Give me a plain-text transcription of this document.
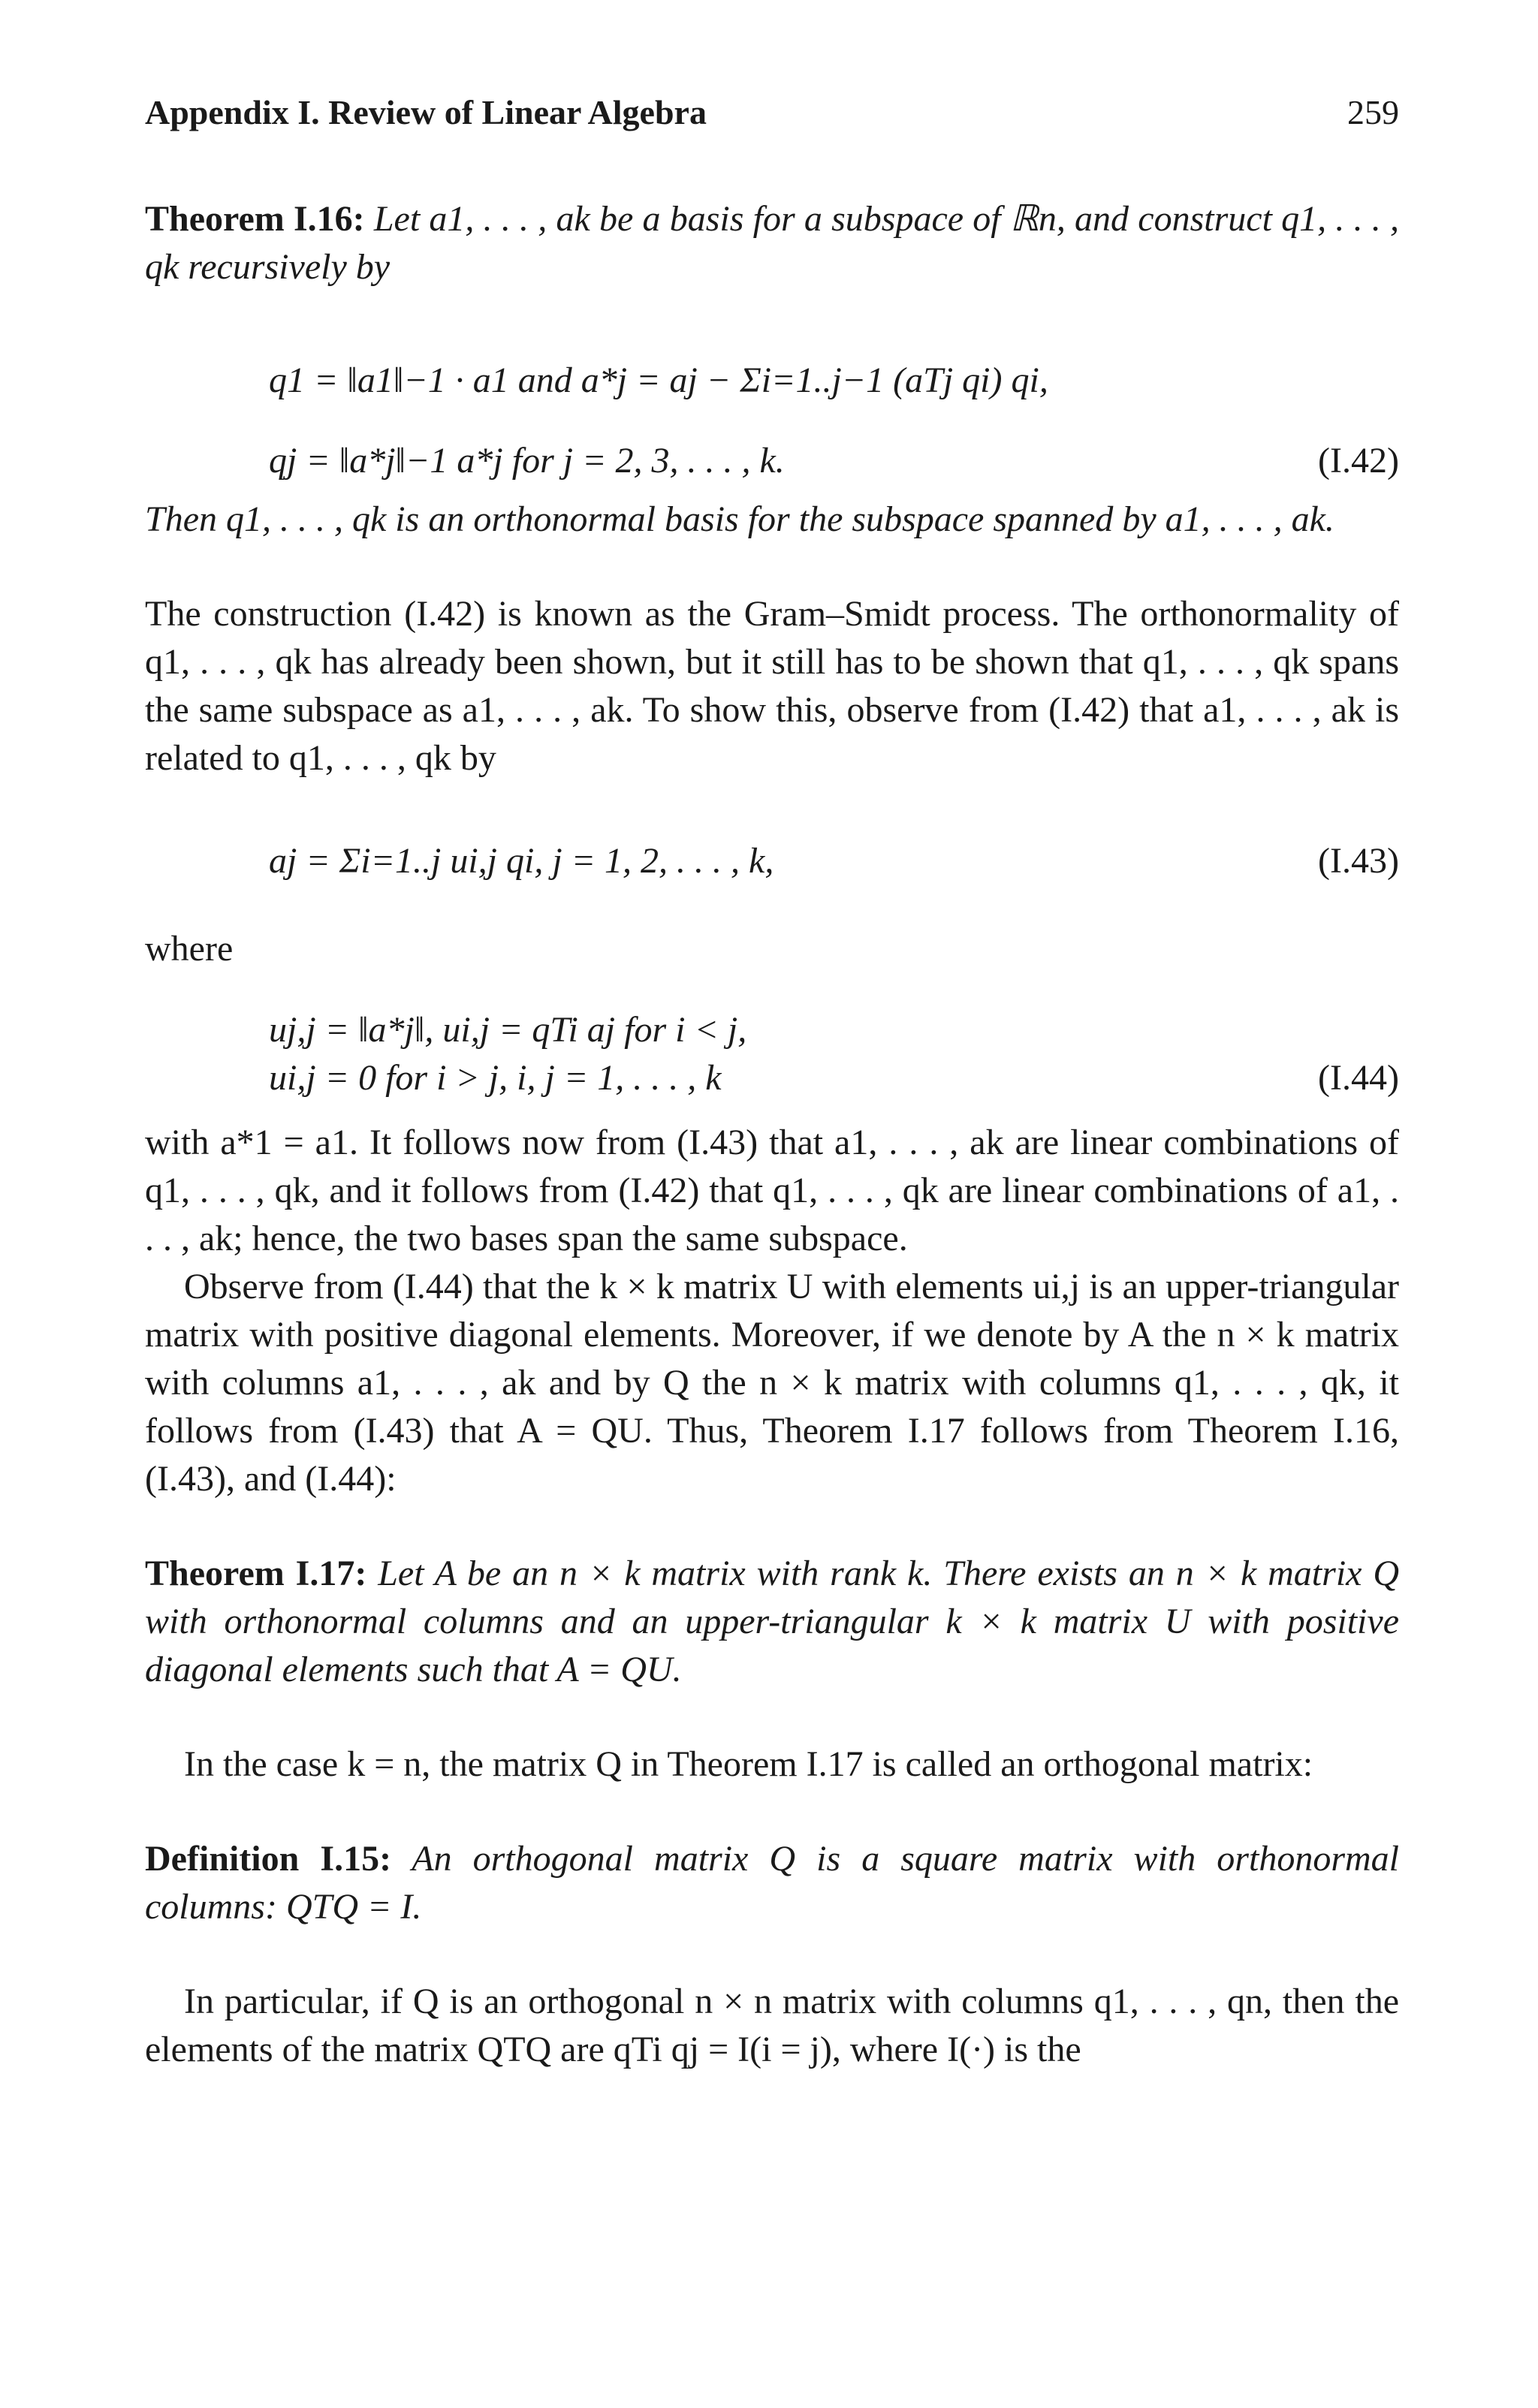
Appendix I. Review of Linear Algebra	259

Theorem I.16: Let a1, . . . , ak be a basis for a subspace of ℝn, and construct q1, . . . , qk recursively by

q1 = ‖a1‖−1 · a1 and a*j = aj − Σi=1..j−1 (aTj qi) qi,
qj = ‖a*j‖−1 a*j for j = 2, 3, . . . , k.	(I.42)

Then q1, . . . , qk is an orthonormal basis for the subspace spanned by a1, . . . , ak.

The construction (I.42) is known as the Gram–Smidt process. The orthonormality of q1, . . . , qk has already been shown, but it still has to be shown that q1, . . . , qk spans the same subspace as a1, . . . , ak. To show this, observe from (I.42) that a1, . . . , ak is related to q1, . . . , qk by

aj = Σi=1..j ui,j qi, j = 1, 2, . . . , k,	(I.43)

where

uj,j = ‖a*j‖, ui,j = qTi aj for i < j,
ui,j = 0 for i > j, i, j = 1, . . . , k	(I.44)

with a*1 = a1. It follows now from (I.43) that a1, . . . , ak are linear combinations of q1, . . . , qk, and it follows from (I.42) that q1, . . . , qk are linear combinations of a1, . . . , ak; hence, the two bases span the same subspace.

Observe from (I.44) that the k × k matrix U with elements ui,j is an upper-triangular matrix with positive diagonal elements. Moreover, if we denote by A the n × k matrix with columns a1, . . . , ak and by Q the n × k matrix with columns q1, . . . , qk, it follows from (I.43) that A = QU. Thus, Theorem I.17 follows from Theorem I.16, (I.43), and (I.44):

Theorem I.17: Let A be an n × k matrix with rank k. There exists an n × k matrix Q with orthonormal columns and an upper-triangular k × k matrix U with positive diagonal elements such that A = QU.

In the case k = n, the matrix Q in Theorem I.17 is called an orthogonal matrix:

Definition I.15: An orthogonal matrix Q is a square matrix with orthonormal columns: QTQ = I.

In particular, if Q is an orthogonal n × n matrix with columns q1, . . . , qn, then the elements of the matrix QTQ are qTi qj = I(i = j), where I(·) is the
